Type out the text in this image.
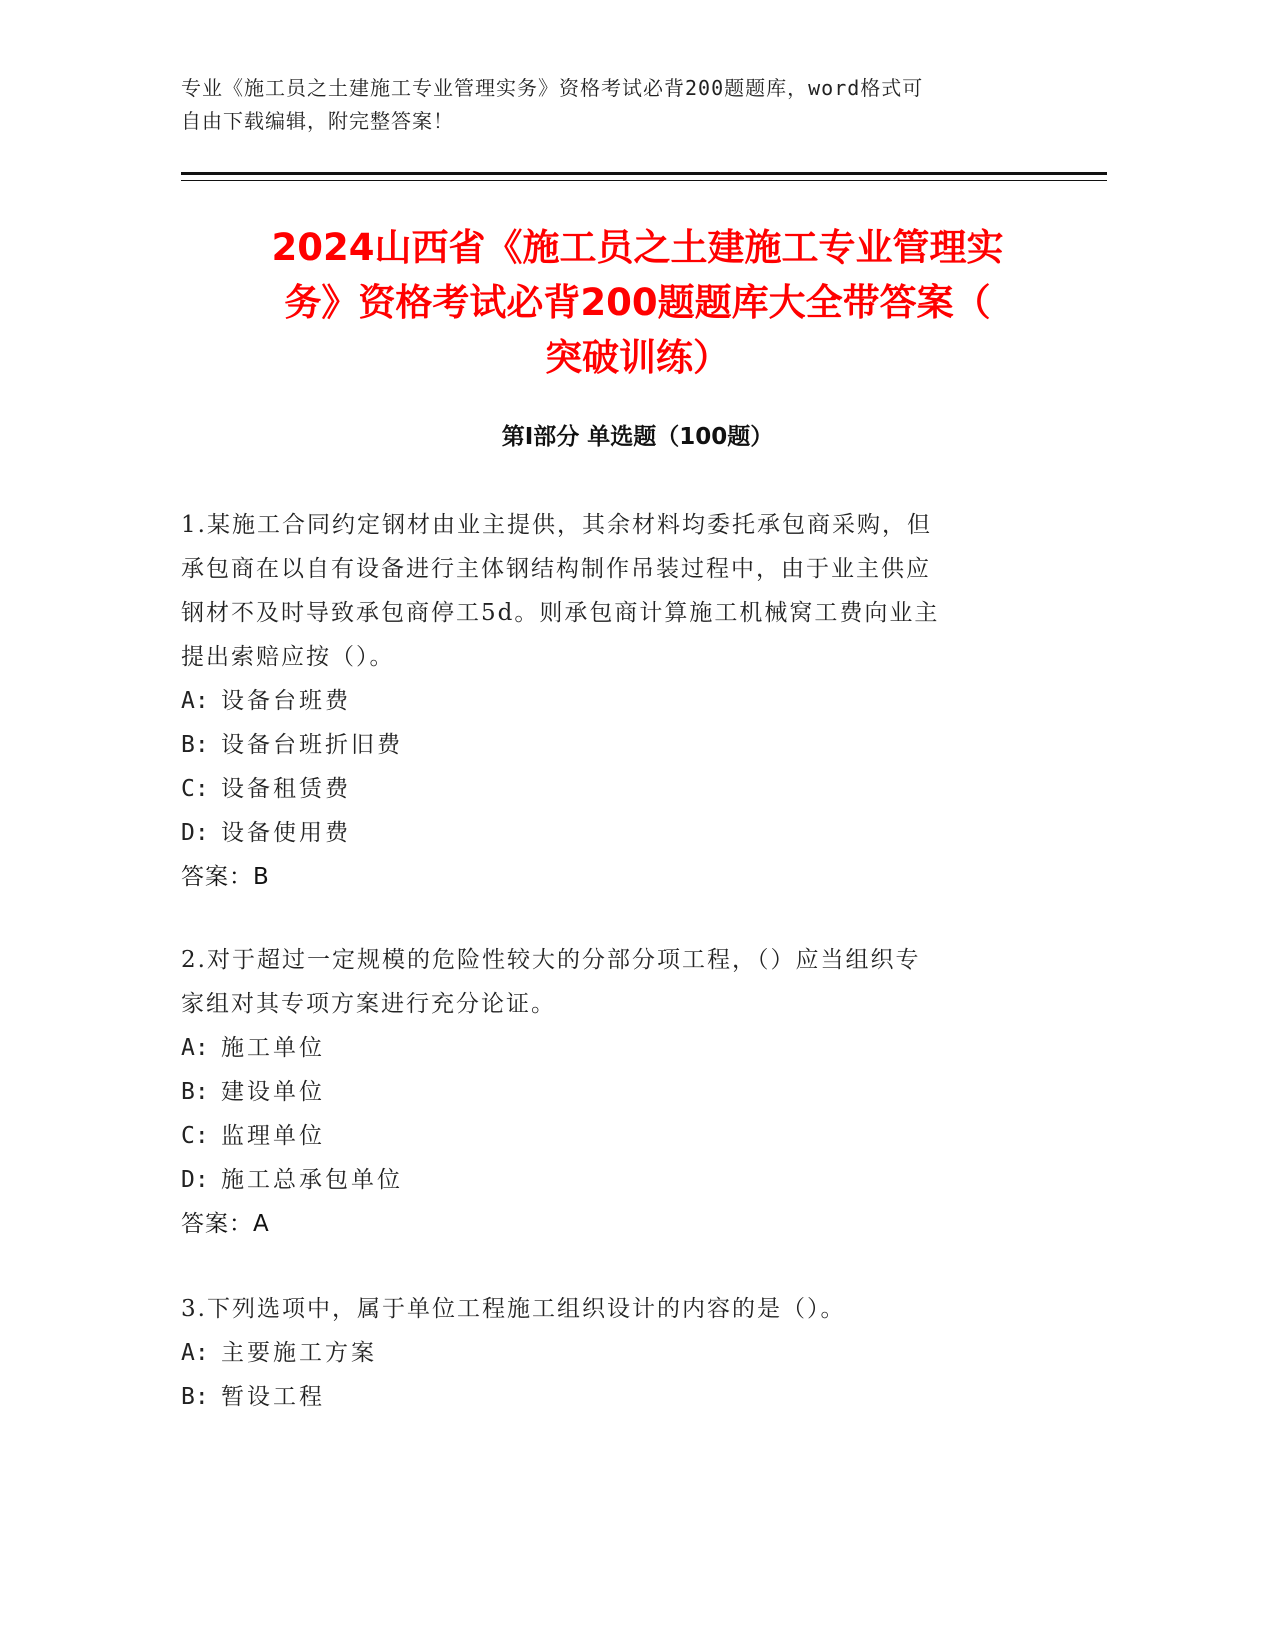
专业《施工员之土建施工专业管理实务》资格考试必背200题题库，word格式可
自由下载编辑，附完整答案！
2024山西省《施工员之土建施工专业管理实
务》资格考试必背200题题库大全带答案（
突破训练）
第Ⅰ部分 单选题（100题）
1.某施工合同约定钢材由业主提供，其余材料均委托承包商采购，但
承包商在以自有设备进行主体钢结构制作吊装过程中，由于业主供应
钢材不及时导致承包商停工5d。则承包商计算施工机械窝工费向业主
提出索赔应按（）。
A: 设备台班费
B: 设备台班折旧费
C: 设备租赁费
D: 设备使用费
答案：B
2.对于超过一定规模的危险性较大的分部分项工程，（）应当组织专
家组对其专项方案进行充分论证。
A: 施工单位
B: 建设单位
C: 监理单位
D: 施工总承包单位
答案：A
3.下列选项中，属于单位工程施工组织设计的内容的是（）。
A: 主要施工方案
B: 暂设工程
